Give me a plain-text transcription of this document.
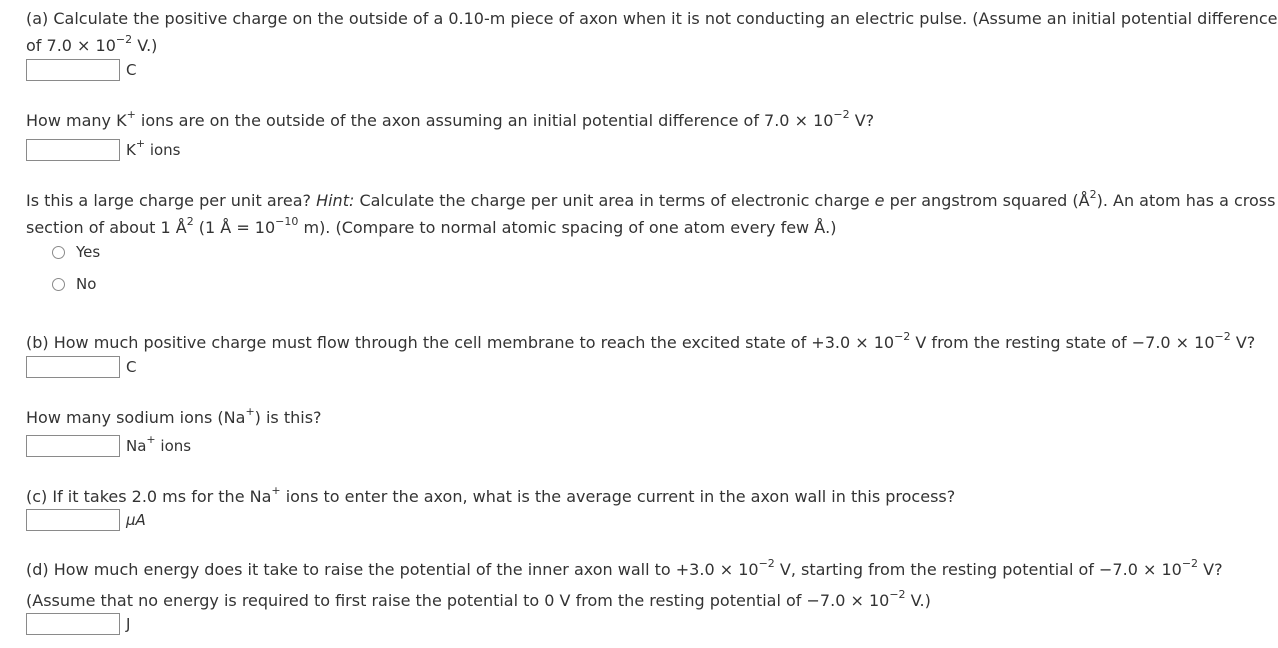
(a) Calculate the positive charge on the outside of a 0.10-m piece of axon when it is not conducting an electric pulse. (Assume an initial potential difference
of $7.0 \times 10^{-2}$ V.)
C
How many K+ ions are on the outside of the axon assuming an initial potential difference of $7.0 \times 10^{-2}$ V?
K+ ions
Is this a large charge per unit area? Hint: Calculate the charge per unit area in terms of electronic charge e per angstrom squared $(Å^2)$. An atom has a cross
section of about 1 $Å^2$ (1 Å = $10^{-10}$ m). (Compare to normal atomic spacing of one atom every few Å.)
Yes
No
(b) How much positive charge must flow through the cell membrane to reach the excited state of $+3.0 \times 10^{-2}$ V from the resting state of $-7.0 \times 10^{-2}$ V?
C
How many sodium ions (Na+) is this?
Na+ ions
(c) If it takes 2.0 ms for the Na+ ions to enter the axon, what is the average current in the axon wall in this process?
μA
(d) How much energy does it take to raise the potential of the inner axon wall to $+3.0 \times 10^{-2}$ V, starting from the resting potential of $-7.0 \times 10^{-2}$ V?
(Assume that no energy is required to first raise the potential to 0 V from the resting potential of $-7.0 \times 10^{-2}$ V.)
J
